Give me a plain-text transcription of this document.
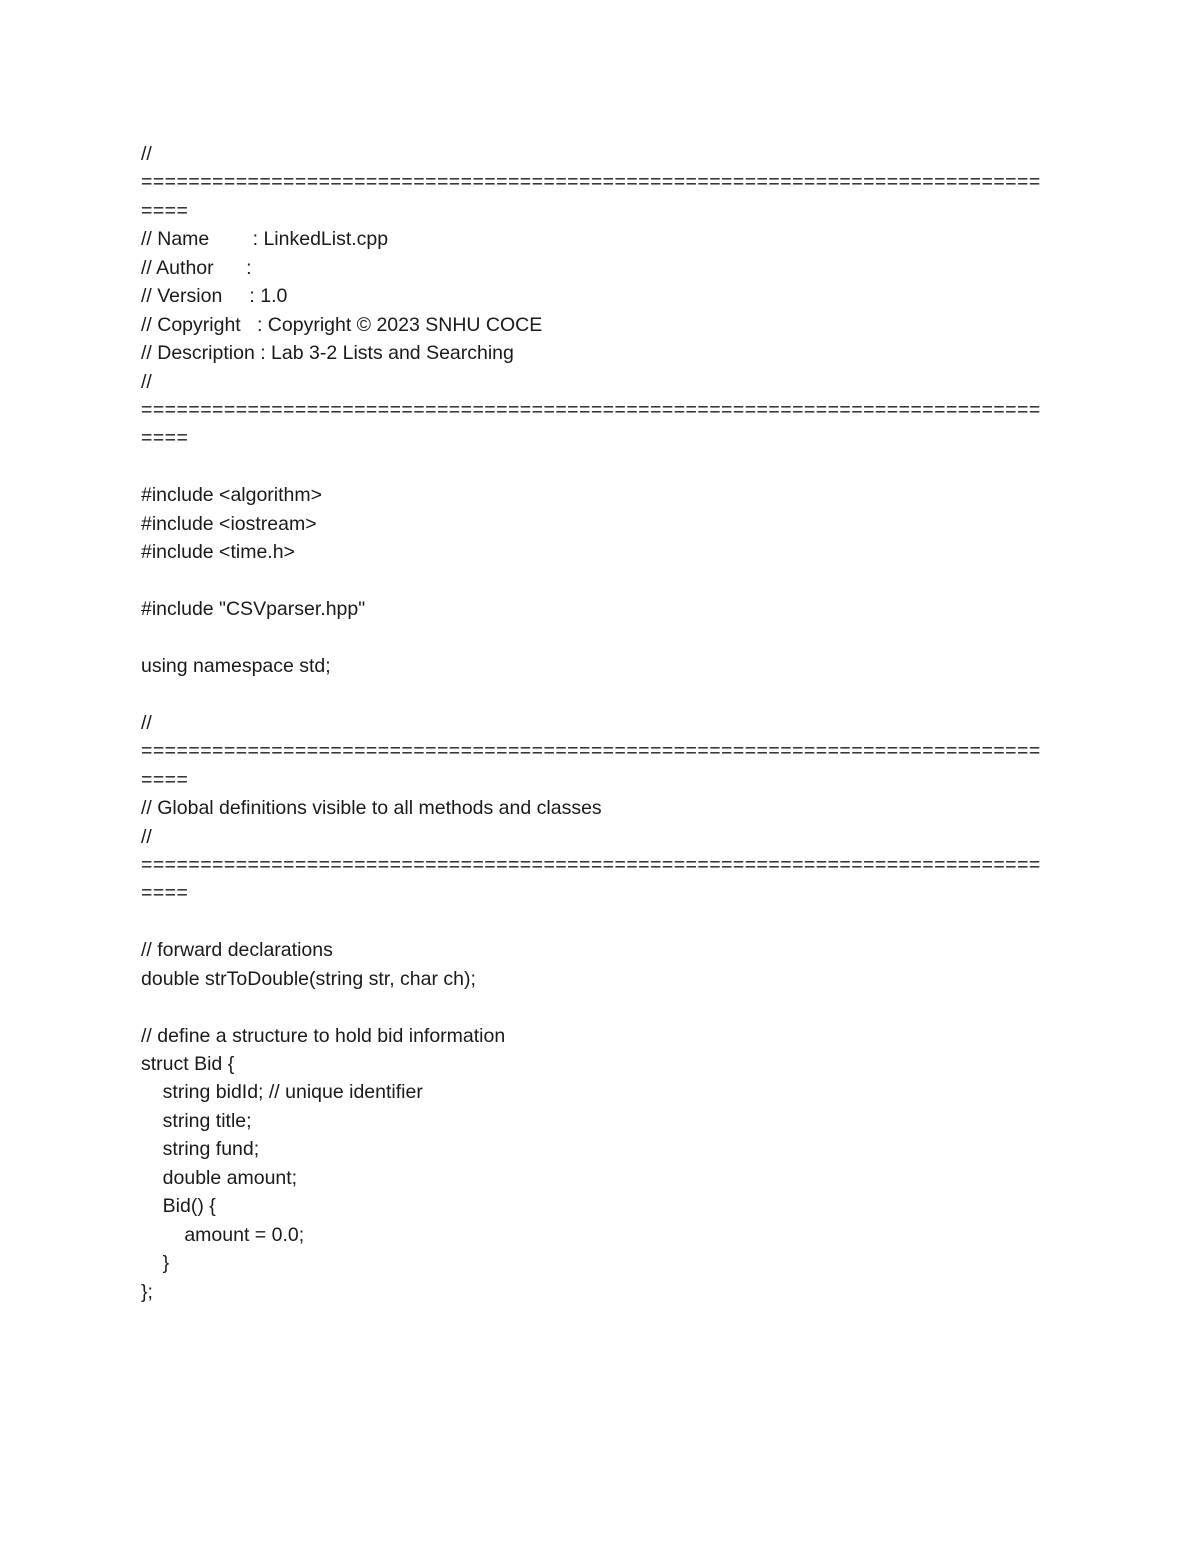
//
============================================================================
====
// Name        : LinkedList.cpp
// Author      :
// Version     : 1.0
// Copyright   : Copyright © 2023 SNHU COCE
// Description : Lab 3-2 Lists and Searching
//
============================================================================
====
#include <algorithm>
#include <iostream>
#include <time.h>
#include "CSVparser.hpp"
using namespace std;
//
============================================================================
====
// Global definitions visible to all methods and classes
//
============================================================================
====
// forward declarations
double strToDouble(string str, char ch);
// define a structure to hold bid information
struct Bid {
string bidId; // unique identifier
string title;
string fund;
double amount;
Bid() {
amount = 0.0;
}
};
